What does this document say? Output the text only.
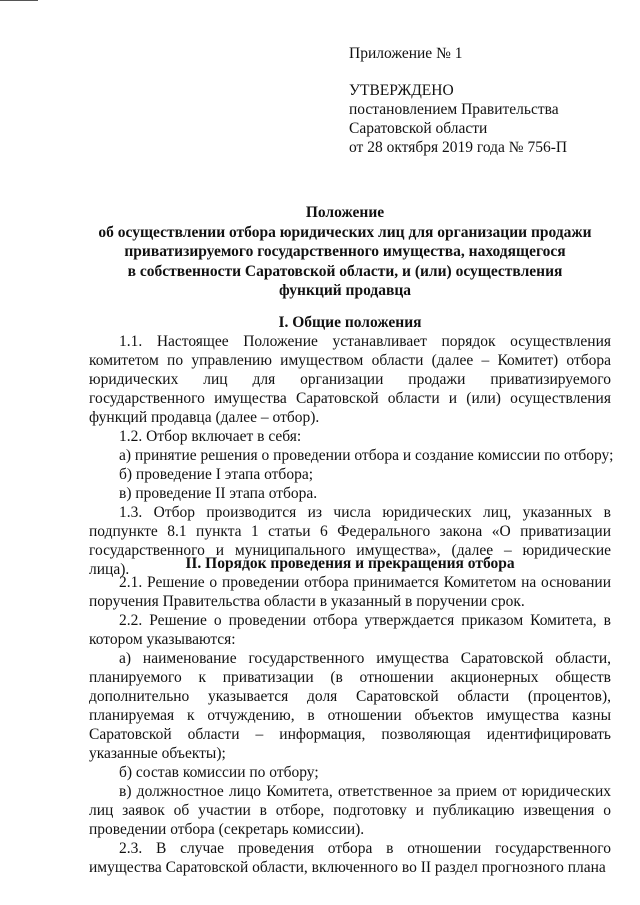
Приложение № 1
УТВЕРЖДЕНО
постановлением Правительства
Саратовской области
от 28 октября 2019 года № 756-П
Положение
об осуществлении отбора юридических лиц для организации продажи
приватизируемого государственного имущества, находящегося
в собственности Саратовской области, и (или) осуществления
функций продавца
I. Общие положения

1.1. Настоящее Положение устанавливает порядок осуществления комитетом по управлению имуществом области (далее – Комитет) отбора юридических лиц для организации продажи приватизируемого государственного имущества Саратовской области и (или) осуществления функций продавца (далее – отбор).

1.2. Отбор включает в себя:

а) принятие решения о проведении отбора и создание комиссии по отбору;

б) проведение I этапа отбора;

в) проведение II этапа отбора.

1.3. Отбор производится из числа юридических лиц, указанных в подпункте 8.1 пункта 1 статьи 6 Федерального закона «О приватизации государственного и муниципального имущества», (далее – юридические лица).	II. Порядок проведения и прекращения отбора

2.1. Решение о проведении отбора принимается Комитетом на основании поручения Правительства области в указанный в поручении срок.

2.2. Решение о проведении отбора утверждается приказом Комитета, в котором указываются:

а) наименование государственного имущества Саратовской области, планируемого к приватизации (в отношении акционерных обществ дополнительно указывается доля Саратовской области (процентов), планируемая к отчуждению, в отношении объектов имущества казны Саратовской области – информация, позволяющая идентифицировать указанные объекты);

б) состав комиссии по отбору;

в) должностное лицо Комитета, ответственное за прием от юридических лиц заявок об участии в отборе, подготовку и публикацию извещения о проведении отбора (секретарь комиссии).

2.3. В случае проведения отбора в отношении государственного имущества Саратовской области, включенного во II раздел прогнозного плана
